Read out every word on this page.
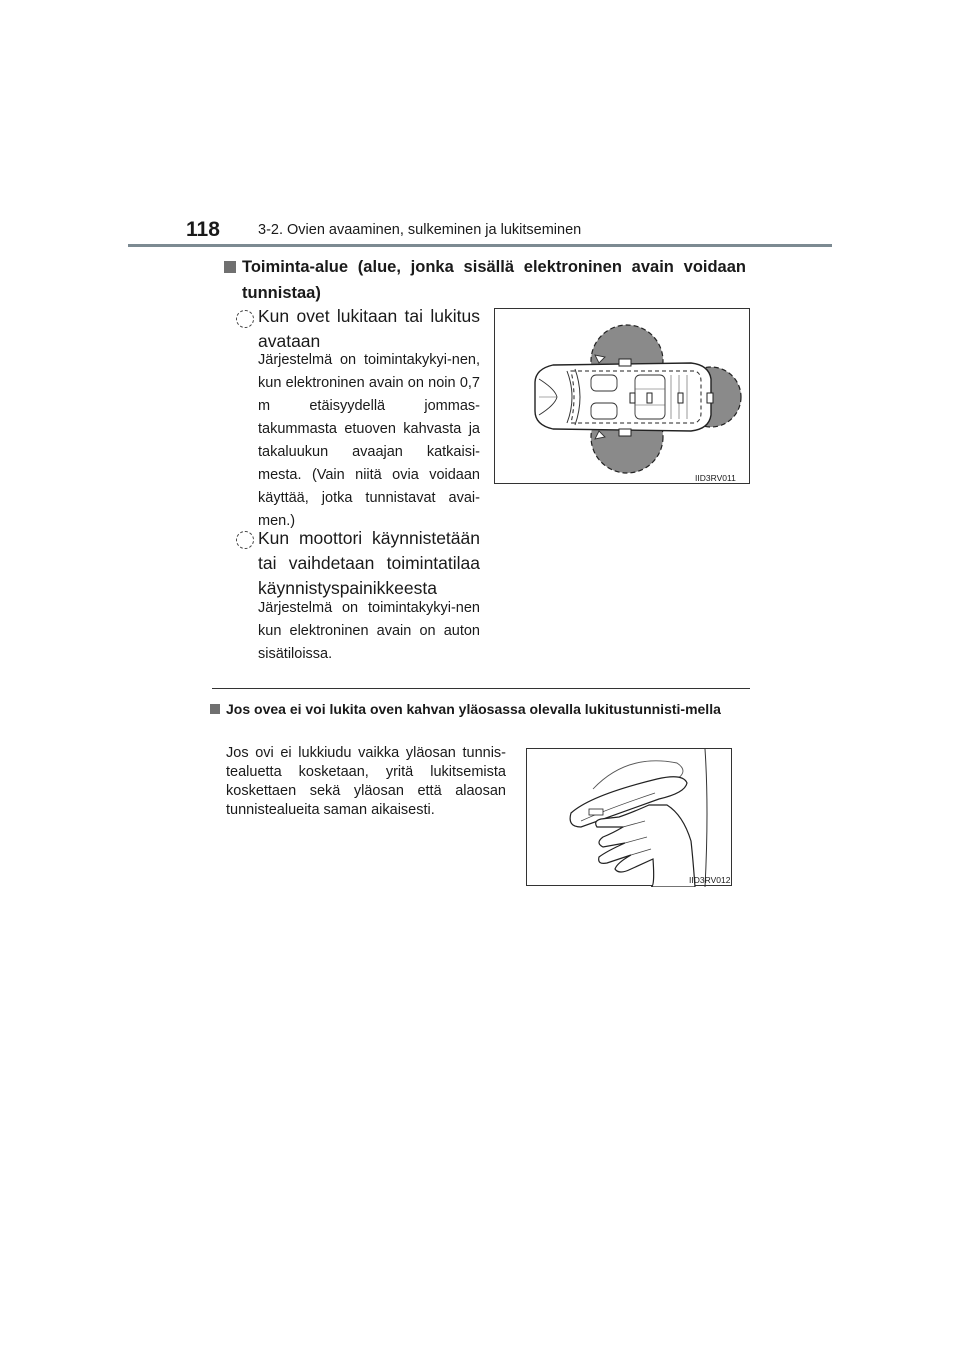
118	3-2. Ovien avaaminen, sulkeminen ja lukitseminen
Toiminta-alue (alue, jonka sisällä elektroninen avain voidaan tunnistaa)
Kun ovet lukitaan tai lukitus avataan
Järjestelmä on toimintakykyi-nen, kun elektroninen avain on noin 0,7 m etäisyydellä jommas-takummasta etuoven kahvasta ja takaluukun avaajan katkaisi-mesta. (Vain niitä ovia voidaan käyttää, jotka tunnistavat avai-men.)
Kun moottori käynnistetään tai vaihdetaan toimintatilaa käynnistyspainikkeesta
Järjestelmä on toimintakykyi-nen kun elektroninen avain on auton sisätiloissa.
IID3RV011
Jos ovea ei voi lukita oven kahvan yläosassa olevalla lukitustunnisti-mella
Jos ovi ei lukkiudu vaikka yläosan tunnis-tealuetta kosketaan, yritä lukitsemista koskettaen sekä yläosan että alaosan tunnistealueita saman aikaisesti.
IID3RV012
